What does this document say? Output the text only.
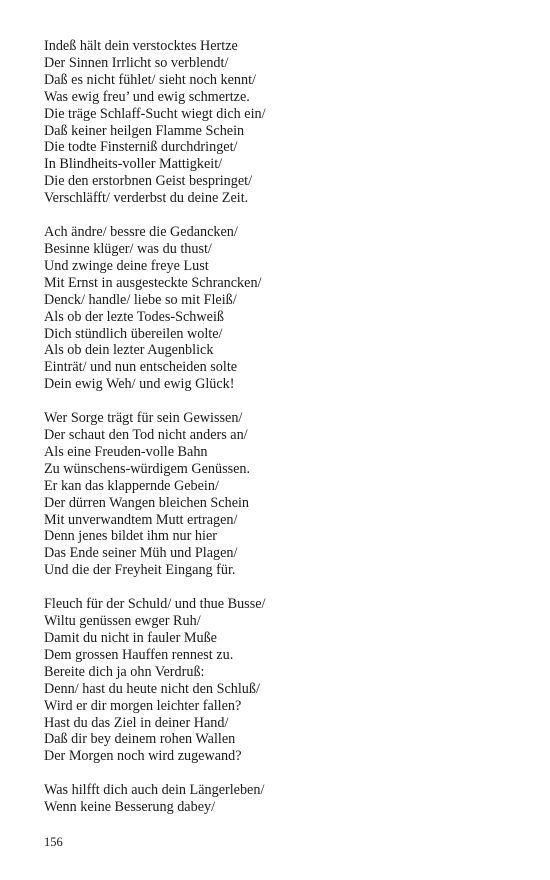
Indeß hält dein verstocktes Hertze
Der Sinnen Irrlicht so verblendt/
Daß es nicht fühlet/ sieht noch kennt/
Was ewig freu’ und ewig schmertze.
Die träge Schlaff-Sucht wiegt dich ein/
Daß keiner heilgen Flamme Schein
Die todte Finsterniß durchdringet/
In Blindheits-voller Mattigkeit/
Die den erstorbnen Geist bespringet/
Verschläfft/ verderbst du deine Zeit.
Ach ändre/ bessre die Gedancken/
Besinne klüger/ was du thust/
Und zwinge deine freye Lust
Mit Ernst in ausgesteckte Schrancken/
Denck/ handle/ liebe so mit Fleiß/
Als ob der lezte Todes-Schweiß
Dich stündlich übereilen wolte/
Als ob dein lezter Augenblick
Einträt/ und nun entscheiden solte
Dein ewig Weh/ und ewig Glück!
Wer Sorge trägt für sein Gewissen/
Der schaut den Tod nicht anders an/
Als eine Freuden-volle Bahn
Zu wünschens-würdigem Genüssen.
Er kan das klappernde Gebein/
Der dürren Wangen bleichen Schein
Mit unverwandtem Mutt ertragen/
Denn jenes bildet ihm nur hier
Das Ende seiner Müh und Plagen/
Und die der Freyheit Eingang für.
Fleuch für der Schuld/ und thue Busse/
Wiltu genüssen ewger Ruh/
Damit du nicht in fauler Muße
Dem grossen Hauffen rennest zu.
Bereite dich ja ohn Verdruß:
Denn/ hast du heute nicht den Schluß/
Wird er dir morgen leichter fallen?
Hast du das Ziel in deiner Hand/
Daß dir bey deinem rohen Wallen
Der Morgen noch wird zugewand?
Was hilfft dich auch dein Längerleben/
Wenn keine Besserung dabey/
156
